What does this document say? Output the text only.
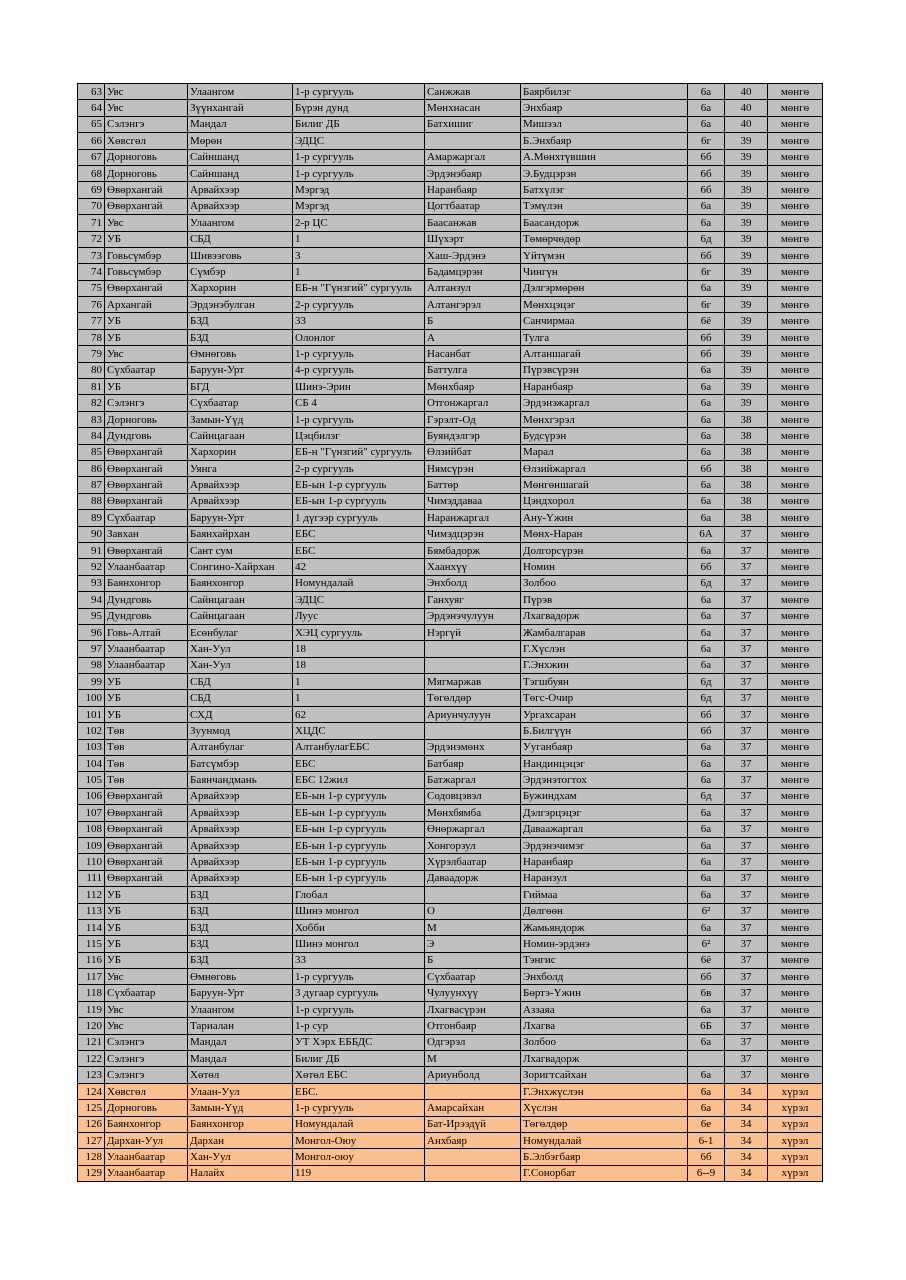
63	Увс	Улаангом	1-р сургууль	Санжжав	Баярбилэг	6а	40	мөнгө
64	Увс	Зүүнхангай	Бүрэн дунд	Мөнхнасан	Энхбаяр	6а	40	мөнгө
65	Сэлэнгэ	Мандал	Билиг ДБ	Батхишиг	Мишээл	6а	40	мөнгө
66	Хөвсгөл	Мөрөн	ЭДЦС		Б.Энхбаяр	6г	39	мөнгө
67	Дорноговь	Сайншанд	1-р сургууль	Амаржаргал	А.Мөнхтүвшин	6б	39	мөнгө
68	Дорноговь	Сайншанд	1-р сургууль	Эрдэнэбаяр	Э.Будцэрэн	6б	39	мөнгө
69	Өвөрхангай	Арвайхээр	Мэргэд	Наранбаяр	Батхүлэг	6б	39	мөнгө
70	Өвөрхангай	Арвайхээр	Мэргэд	Цогтбаатар	Тэмүлэн	6а	39	мөнгө
71	Увс	Улаангом	2-р ЦС	Баасанжав	Баасандорж	6а	39	мөнгө
72	УБ	СБД	1	Шүхэрт	Төмөрчөдөр	6д	39	мөнгө
73	Говьсүмбэр	Шивээговь	3	Хаш-Эрдэнэ	Үйтүмэн	6б	39	мөнгө
74	Говьсүмбэр	Сүмбэр	1	Бадамцэрэн	Чингүн	6г	39	мөнгө
75	Өвөрхангай	Хархорин	ЕБ-н "Гүнзгий" сургууль	Алтанзул	Дэлгэрмөрөн	6а	39	мөнгө
76	Архангай	Эрдэнэбулган	2-р сургууль	Алтангэрэл	Мөнхцэцэг	6г	39	мөнгө
77	УБ	БЗД	33	Б	Санчирмаа	6ё	39	мөнгө
78	УБ	БЗД	Олонлог	А	Тулга	6б	39	мөнгө
79	Увс	Өмнөговь	1-р сургууль	Насанбат	Алтаншагай	6б	39	мөнгө
80	Сүхбаатар	Баруун-Урт	4-р сургууль	Баттулга	Пүрэвсүрэн	6а	39	мөнгө
81	УБ	БГД	Шинэ-Эрин	Мөнхбаяр	Наранбаяр	6а	39	мөнгө
82	Сэлэнгэ	Сүхбаатар	СБ 4	Отгонжаргал	Эрдэнэжаргал	6а	39	мөнгө
83	Дорноговь	Замын-Үүд	1-р сургууль	Гэрэлт-Од	Мөнхгэрэл	6а	38	мөнгө
84	Дундговь	Сайнцагаан	Цэцбилэг	Буяндэлгэр	Будсүрэн	6а	38	мөнгө
85	Өвөрхангай	Хархорин	ЕБ-н "Гүнзгий" сургууль	Өлзийбат	Марал	6а	38	мөнгө
86	Өвөрхангай	Уянга	2-р сургууль	Нямсүрэн	Өлзийжаргал	6б	38	мөнгө
87	Өвөрхангай	Арвайхээр	ЕБ-ын 1-р сургууль	Баттөр	Мөнгөншагай	6а	38	мөнгө
88	Өвөрхангай	Арвайхээр	ЕБ-ын 1-р сургууль	Чимэддаваа	Цэндхорол	6а	38	мөнгө
89	Сүхбаатар	Баруун-Урт	1 дүгээр сургууль	Наранжаргал	Ану-Үжин	6а	38	мөнгө
90	Завхан	Баянхайрхан	ЕБС	Чимэдцэрэн	Мөнх-Наран	6А	37	мөнгө
91	Өвөрхангай	Сант сум	ЕБС	Бямбадорж	Долгорсүрэн	6а	37	мөнгө
92	Улаанбаатар	Сонгино-Хайрхан	42	Хаанхүү	Номин	6б	37	мөнгө
93	Баянхонгор	Баянхонгор	Номундалай	Энхболд	Золбоо	6д	37	мөнгө
94	Дундговь	Сайнцагаан	ЭДЦС	Ганхуяг	Пүрэв	6а	37	мөнгө
95	Дундговь	Сайнцагаан	Луус	Эрдэнэчулуун	Лхагвадорж	6а	37	мөнгө
96	Говь-Алтай	Есөнбулаг	ХЭЦ сургууль	Нэргүй	Жамбалгарав	6а	37	мөнгө
97	Улаанбаатар	Хан-Уул	18		Г.Хүслэн	6а	37	мөнгө
98	Улаанбаатар	Хан-Уул	18		Г.Энхжин	6а	37	мөнгө
99	УБ	СБД	1	Мягмаржав	Тэгшбуян	6д	37	мөнгө
100	УБ	СБД	1	Төгөлдөр	Төгс-Очир	6д	37	мөнгө
101	УБ	СХД	62	Ариунчулуун	Ургахсаран	6б	37	мөнгө
102	Төв	Зуунмод	ХЦДС		Б.Билгүүн	6б	37	мөнгө
103	Төв	Алтанбулаг	АлтанбулагЕБС	Эрдэнэмөнх	Ууганбаяр	6а	37	мөнгө
104	Төв	Батсүмбэр	ЕБС	Батбаяр	Нандинцэцэг	6а	37	мөнгө
105	Төв	Баянчандмань	ЕБС 12жил	Батжаргал	Эрдэнэтогтох	6а	37	мөнгө
106	Өвөрхангай	Арвайхээр	ЕБ-ын 1-р сургууль	Содовцэвэл	Бужиндхам	6д	37	мөнгө
107	Өвөрхангай	Арвайхээр	ЕБ-ын 1-р сургууль	Мөнхбямба	Дэлгэрцэцэг	6а	37	мөнгө
108	Өвөрхангай	Арвайхээр	ЕБ-ын 1-р сургууль	Өнөржаргал	Даваажаргал	6а	37	мөнгө
109	Өвөрхангай	Арвайхээр	ЕБ-ын 1-р сургууль	Хонгорзул	Эрдэнэчимэг	6а	37	мөнгө
110	Өвөрхангай	Арвайхээр	ЕБ-ын 1-р сургууль	Хүрэлбаатар	Наранбаяр	6а	37	мөнгө
111	Өвөрхангай	Арвайхээр	ЕБ-ын 1-р сургууль	Даваадорж	Наранзул	6а	37	мөнгө
112	УБ	БЗД	Глобал		Гиймаа	6а	37	мөнгө
113	УБ	БЗД	Шинэ монгол	О	Дөлгөөн	6²	37	мөнгө
114	УБ	БЗД	Хобби	М	Жамьяндорж	6а	37	мөнгө
115	УБ	БЗД	Шинэ монгол	Э	Номин-эрдэнэ	6²	37	мөнгө
116	УБ	БЗД	33	Б	Тэнгис	6ё	37	мөнгө
117	Увс	Өмнөговь	1-р сургууль	Сүхбаатар	Энхболд	6б	37	мөнгө
118	Сүхбаатар	Баруун-Урт	3 дугаар сургууль	Чулуунхүү	Бөртэ-Үжин	6в	37	мөнгө
119	Увс	Улаангом	1-р сургууль	Лхагвасүрэн	Аззаяа	6а	37	мөнгө
120	Увс	Тариалан	1-р сур	Отгонбаяр	Лхагва	6Б	37	мөнгө
121	Сэлэнгэ	Мандал	УТ Хэрх ЕББДС	Одгэрэл	Золбоо	6а	37	мөнгө
122	Сэлэнгэ	Мандал	Билиг ДБ	М	Лхагвадорж		37	мөнгө
123	Сэлэнгэ	Хөтөл	Хөтөл ЕБС	Ариунболд	Зоригтсайхан	6а	37	мөнгө
124	Хөвсгөл	Улаан-Уул	ЕБС.		Г.Энхжүслэн	6а	34	хүрэл
125	Дорноговь	Замын-Үүд	1-р сургууль	Амарсайхан	Хүслэн	6а	34	хүрэл
126	Баянхонгор	Баянхонгор	Номундалай	Бат-Ирээдүй	Төгөлдөр	6е	34	хүрэл
127	Дархан-Уул	Дархан	Монгол-Оюу	Анхбаяр	Номундалай	6-1	34	хүрэл
128	Улаанбаатар	Хан-Уул	Монгол-оюу		Б.Элбэгбаяр	6б	34	хүрэл
129	Улаанбаатар	Налайх	119		Г.Сонорбат	6--9	34	хүрэл
